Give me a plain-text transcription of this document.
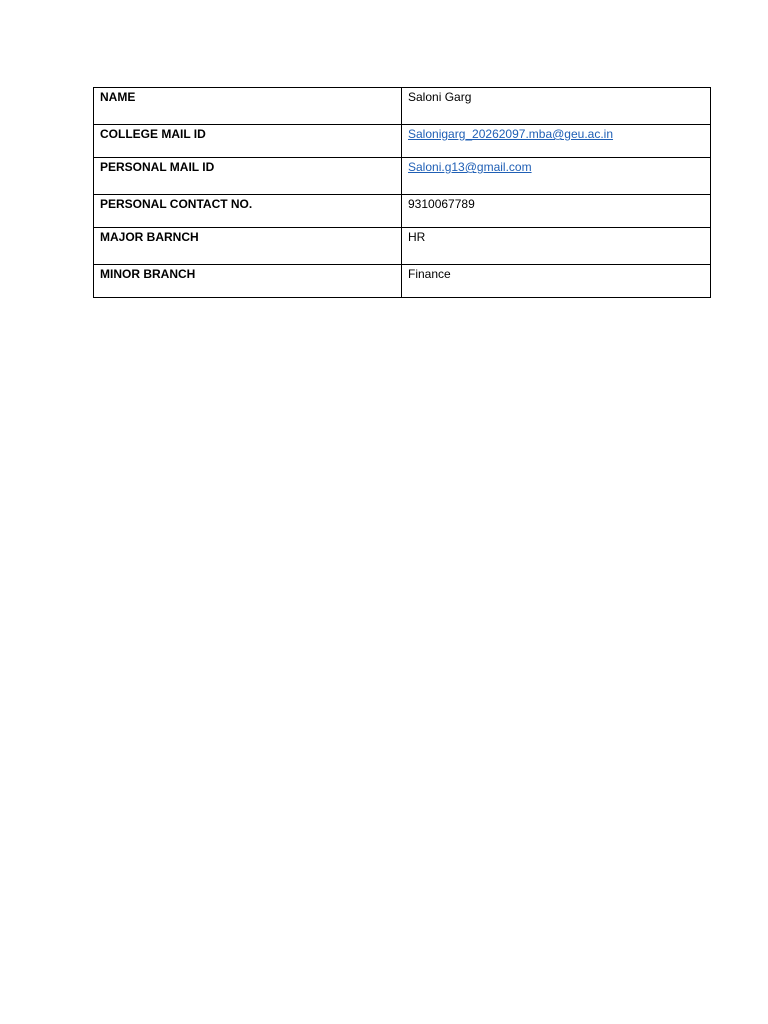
NAME	Saloni Garg
COLLEGE MAIL ID	Salonigarg_20262097.mba@geu.ac.in
PERSONAL MAIL ID	Saloni.g13@gmail.com
PERSONAL CONTACT NO.	9310067789
MAJOR BARNCH	HR
MINOR BRANCH	Finance
